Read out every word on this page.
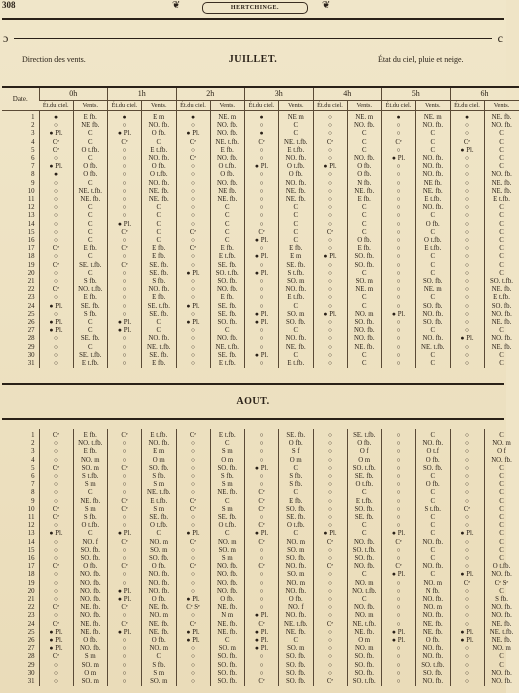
308	❦	HERTCHINGE.	❦
ɔ	c
Direction des vents.	JUILLET.	État du ciel, pluie et neige.
Date.	0h		1h		2h		3h		4h		5h		6h	
	Ét.du ciel.	Vents.	Ét.du ciel.	Vents.	Ét.du ciel.	Vents.	Ét.du ciel.	Vents.	Ét.du ciel.	Vents.	Ét.du ciel.	Vents.	Ét.du ciel.	Vents.

1	●	E fb.	●	E m	●	NE. m	●	NE m	○	NE. m	●	NE. m	●	NE. fb.
2	○	NE fb.	○	NO. fb.	○	NO. fb.	○	C	○	NO. fb.	○	NO. fb.	○	NO. fb.
3	● Pl.	C	● Pl.	O fb.	● Pl.	NO. fb.	●	C	○	C	○	C	○	C
4	Cᵉ	C	Cᵉ	C	Cᵉ	NE. t.fb.	Cᵉ	NE. t.fb.	Cᵉ	C	Cᵉ	C	Cᵉ	C
5	Cᵉ	O t.fb.	○	E t.fb.	○	E fb.	○	E t.fb.	○	C	○	C	● Pl.	C
6	○	C	○	NO. fb.	Cᵉ	NO. fb.	○	NO. fb.	○	NO. fb.	● Pl.	NO. fb.	○	C
7	● Pl.	O fb.	○	O fb.	○	O t.fb.	● Pl.	O t.fb.	● Pl.	O fb.	○	NO. fb.	○	C
8	●	O fb.	○	O t.fb.	○	O fb.	○	O fb.	○	O fb.	○	NO. fb.	○	NO. fb.
9	○	C	○	NO. fb.	○	NO. fb.	○	NO. fb.	○	N fb.	○	NE fb.	○	NE. fb.
10	○	NE. t.fb.	○	NE. fb.	○	NE fb.	○	NE. fb.	○	NE. fb.	○	NE. fb.	○	NE. fb.
11	○	NE. fb.	○	NE. fb.	○	NE. fb.	○	NE. fb.	○	E fb.	○	E t.fb.	○	E t.fb.
12	○	C	○	C	○	C	○	C	○	C	○	NO. fb.	○	C
13	○	C	○	C	○	C	○	C	○	C	○	C	○	C
14	○	C	● Pl.	C	○	C	○	C	○	C	○	O fb.	○	C
15	○	C	Cᵉ	C	Cᵉ	C	Cᵉ	C	Cᵉ	C	○	C	○	C
16	○	C	○	C	○	C	● Pl.	C	○	O fb.	○	O t.fb.	○	C
17	Cᵉ	E fb.	Cᵉ	E fb.	Cᵉ	E fb.	○	E fb.	○	E fb.	○	E t.fb.	○	C
18	○	C	○	E fb.	○	E t.fb.	● Pl.	E m	● Pl.	SO. fb.	○	C	○	C
19	Cᵉ	SE. t.fb.	Cᵉ	SE. fb.	○	SE. fb.	○	SE. fb.	○	SO. fb.	○	C	○	C
20	○	C	○	SE. fb.	● Pl.	SO. t.fb.	● Pl.	S t.fb.	○	C	○	C	○	C
21	○	S fb.	○	S fb.	○	SO. fb.	○	SO. m	○	SO. m	○	SO. fb.	○	SO. t.fb.
22	Cᵉ	NO. t.fb.	○	NO. fb.	○	NO. fb.	○	NO. fb.	○	NE. m	○	NE. m	○	NE. fb.
23	○	E fb.	○	E fb.	○	E fb.	○	E t.fb.	○	C	○	C	○	E t.fb.
24	● Pl.	SE. fb.	○	SE. t.fb.	● Pl.	SE. fb.	○	C	○	C	○	SO. fb.	○	SO. fb.
25	○	S fb.	○	SE. fb.	○	SE. fb.	● Pl.	SO. m	● Pl.	NO. m	● Pl.	NO. fb.	○	NO. fb.
26	● Pl.	C	● Pl.	C	● Pl.	SO. fb.	● Pl.	SO. fb.	○	SO. fb.	○	SO. fb.	○	NE. fb.
27	● Pl.	C	● Pl.	C	○	C	○	C	○	NO. fb.	○	C	○	C
28	○	SE. fb.	○	NO. fb.	○	NO. fb.	○	NO. fb.	○	NO. fb.	○	NO. fb.	● Pl.	NO. fb.
29	○	C	○	NE. t.fb.	○	NE. t.fb.	○	NE. fb.	○	NE. fb.	○	NE. t.fb.	○	NE. fb.
30	○	SE. t.fb.	○	SE. fb.	○	SE. fb.	● Pl.	C	○	C	○	C	○	C
31	○	E t.fb.	○	E fb.	○	E t.fb.	○	E t.fb.	○	C	○	C	○	C
AOUT.

1	Cᵉ	E fb.	Cᵉ	E t.fb.	Cᵉ	E t.fb.	○	SE. fb.	○	SE. t.fb.	○	C	○	C
2	○	NO. t.fb.	○	NO. fb.	○	C	○	O fb.	○	O fb.	○	NO. fb.	○	NO. m
3	○	E fb.	○	E m	○	S m	○	S f	○	O f	○	O t.f	○	O f
4	○	NO. m	○	O m	○	O m	○	O m	○	O m	○	O fb.	○	NO. fb.
5	Cᵉ	SO. m	Cᵉ	SO. fb.	○	SO. fb.	● Pl.	C	○	SO. t.fb.	○	SO. fb.	○	C
6	○	S t.fb.	○	S fb.	○	S fb.	○	S fb.	○	SE. fb.	○	C	○	C
7	○	S m	○	S m	○	S m	○	S fb.	○	O t.fb.	○	O fb.	○	C
8	○	C	○	NE. t.fb.	○	NE. fb.	Cᵉ	C	○	C	○	C	○	C
9	○	NE. fb.	Cᵉ	E t.fb.	Cᵉ	C	Cᵉ	E fb.	○	E t.fb.	○	C	○	C
10	Cᵉ	S m	Cᵉ	S m	Cᵉ	S m	Cᵉ	SO. fb.	○	SO. fb.	○	S t.fb.	Cᵉ	C
11	Cᵉ	S fb.	○	SE. fb.	○	SE. fb.	○	SE. fb.	○	SE. fb.	○	C	○	C
12	○	O t.fb.	○	O t.fb.	○	O t.fb.	Cᵉ	O t.fb.	○	C	○	C	○	C
13	● Pl.	C	● Pl.	C	● Pl.	C	● Pl.	C	● Pl.	C	● Pl.	C	● Pl.	C
14	○	NO. f	Cᵉ	NO. m	Cᵉ	NO. m	Cᵉ	NO. m	Cᵉ	NO. fb.	Cᵉ	NO. fb.	○	C
15	○	SO. fb.	○	SO. m	○	SO. m	○	SO. m	○	SO. t.fb.	○	C	○	C
16	○	SO. fb.	○	SO. fb.	○	S m	○	SO. fb.	○	SO. fb.	○	C	○	C
17	Cᵉ	O fb.	Cᵉ	O fb.	Cᵉ	NO. fb.	Cᵉ	NO. fb.	Cᵉ	NO. fb.	Cᵉ	NO. fb.	○	O t.fb.
18	○	NO. fb.	○	NO. fb.	○	NO. fb.	○	SO. m	○	C	● Pl.	C	● Pl.	NO. fb.
19	○	NO. fb.	○	NO. fb.	○	NO. fb.	○	NO. m	○	NO. m	○	NO. m	Cᵉ	Cᵉ Sᵉ
20	○	NO. fb.	● Pl.	NO. fb.	○	NO. fb.	○	NO. fb.	○	NO. t.fb.	○	N fb.	○	C
21	○	NO. fb.	● Pl.	O fb.	● Pl.	O fb.	○	O fb.	○	C	○	NO. fb.	○	S fb.
22	Cᵉ	NE. fb.	Cᵉ	NE. fb.	Cᵉ Sᵉ	NE. fb.	○	NO. f	○	NO. fb.	○	NO. m	○	NO. fb.
23	○	NO. fb.	○	NO. m	○	N m	● Pl.	NO. fb.	○	NO. m	○	NO. fb.	○	NO. fb.
24	Cᵉ	NE. fb.	Cᵉ	NE. fb.	Cᵉ	NE. fb.	Cᵉ	NE. t.fb.	Cᵉ	NE. t.fb.	○	NE. fb.	○	NE. fb.
25	● Pl.	NE. fb.	● Pl.	NE. fb.	● Pl.	NE. fb.	● Pl.	NE. fb.	○	NE. fb.	● Pl.	NE. fb.	● Pl.	NE. t.fb.
26	● Pl.	O fb.	○	O fb.	● Pl.	C	● Pl.	C	○	O m	● Pl.	O fb.	● Pl.	NE. fb.
27	● Pl.	NO. fb.	○	NO. m	○	SO. m	● Pl.	SO. m	○	NO. m	○	NO. fb.	○	NO. m
28	Cᵉ	S m	○	C	○	SO. fb.	○	SO. fb.	○	SO. fb.	○	NO. fb.	○	C
29	○	SO. m	○	S fb.	○	SO. fb.	○	SO. fb.	○	SO. fb.	○	SO. t.fb.	○	C
30	○	O m	○	S m	○	SO. fb.	○	SO. fb.	○	SO. fb.	○	SO. fb.	○	NO. fb.
31	○	SO. m	○	SO. m	○	SO. fb.	Cᵉ	SO. fb.	Cᵉ	SO. t.fb.	○	NO. fb.	○	NO. fb.
